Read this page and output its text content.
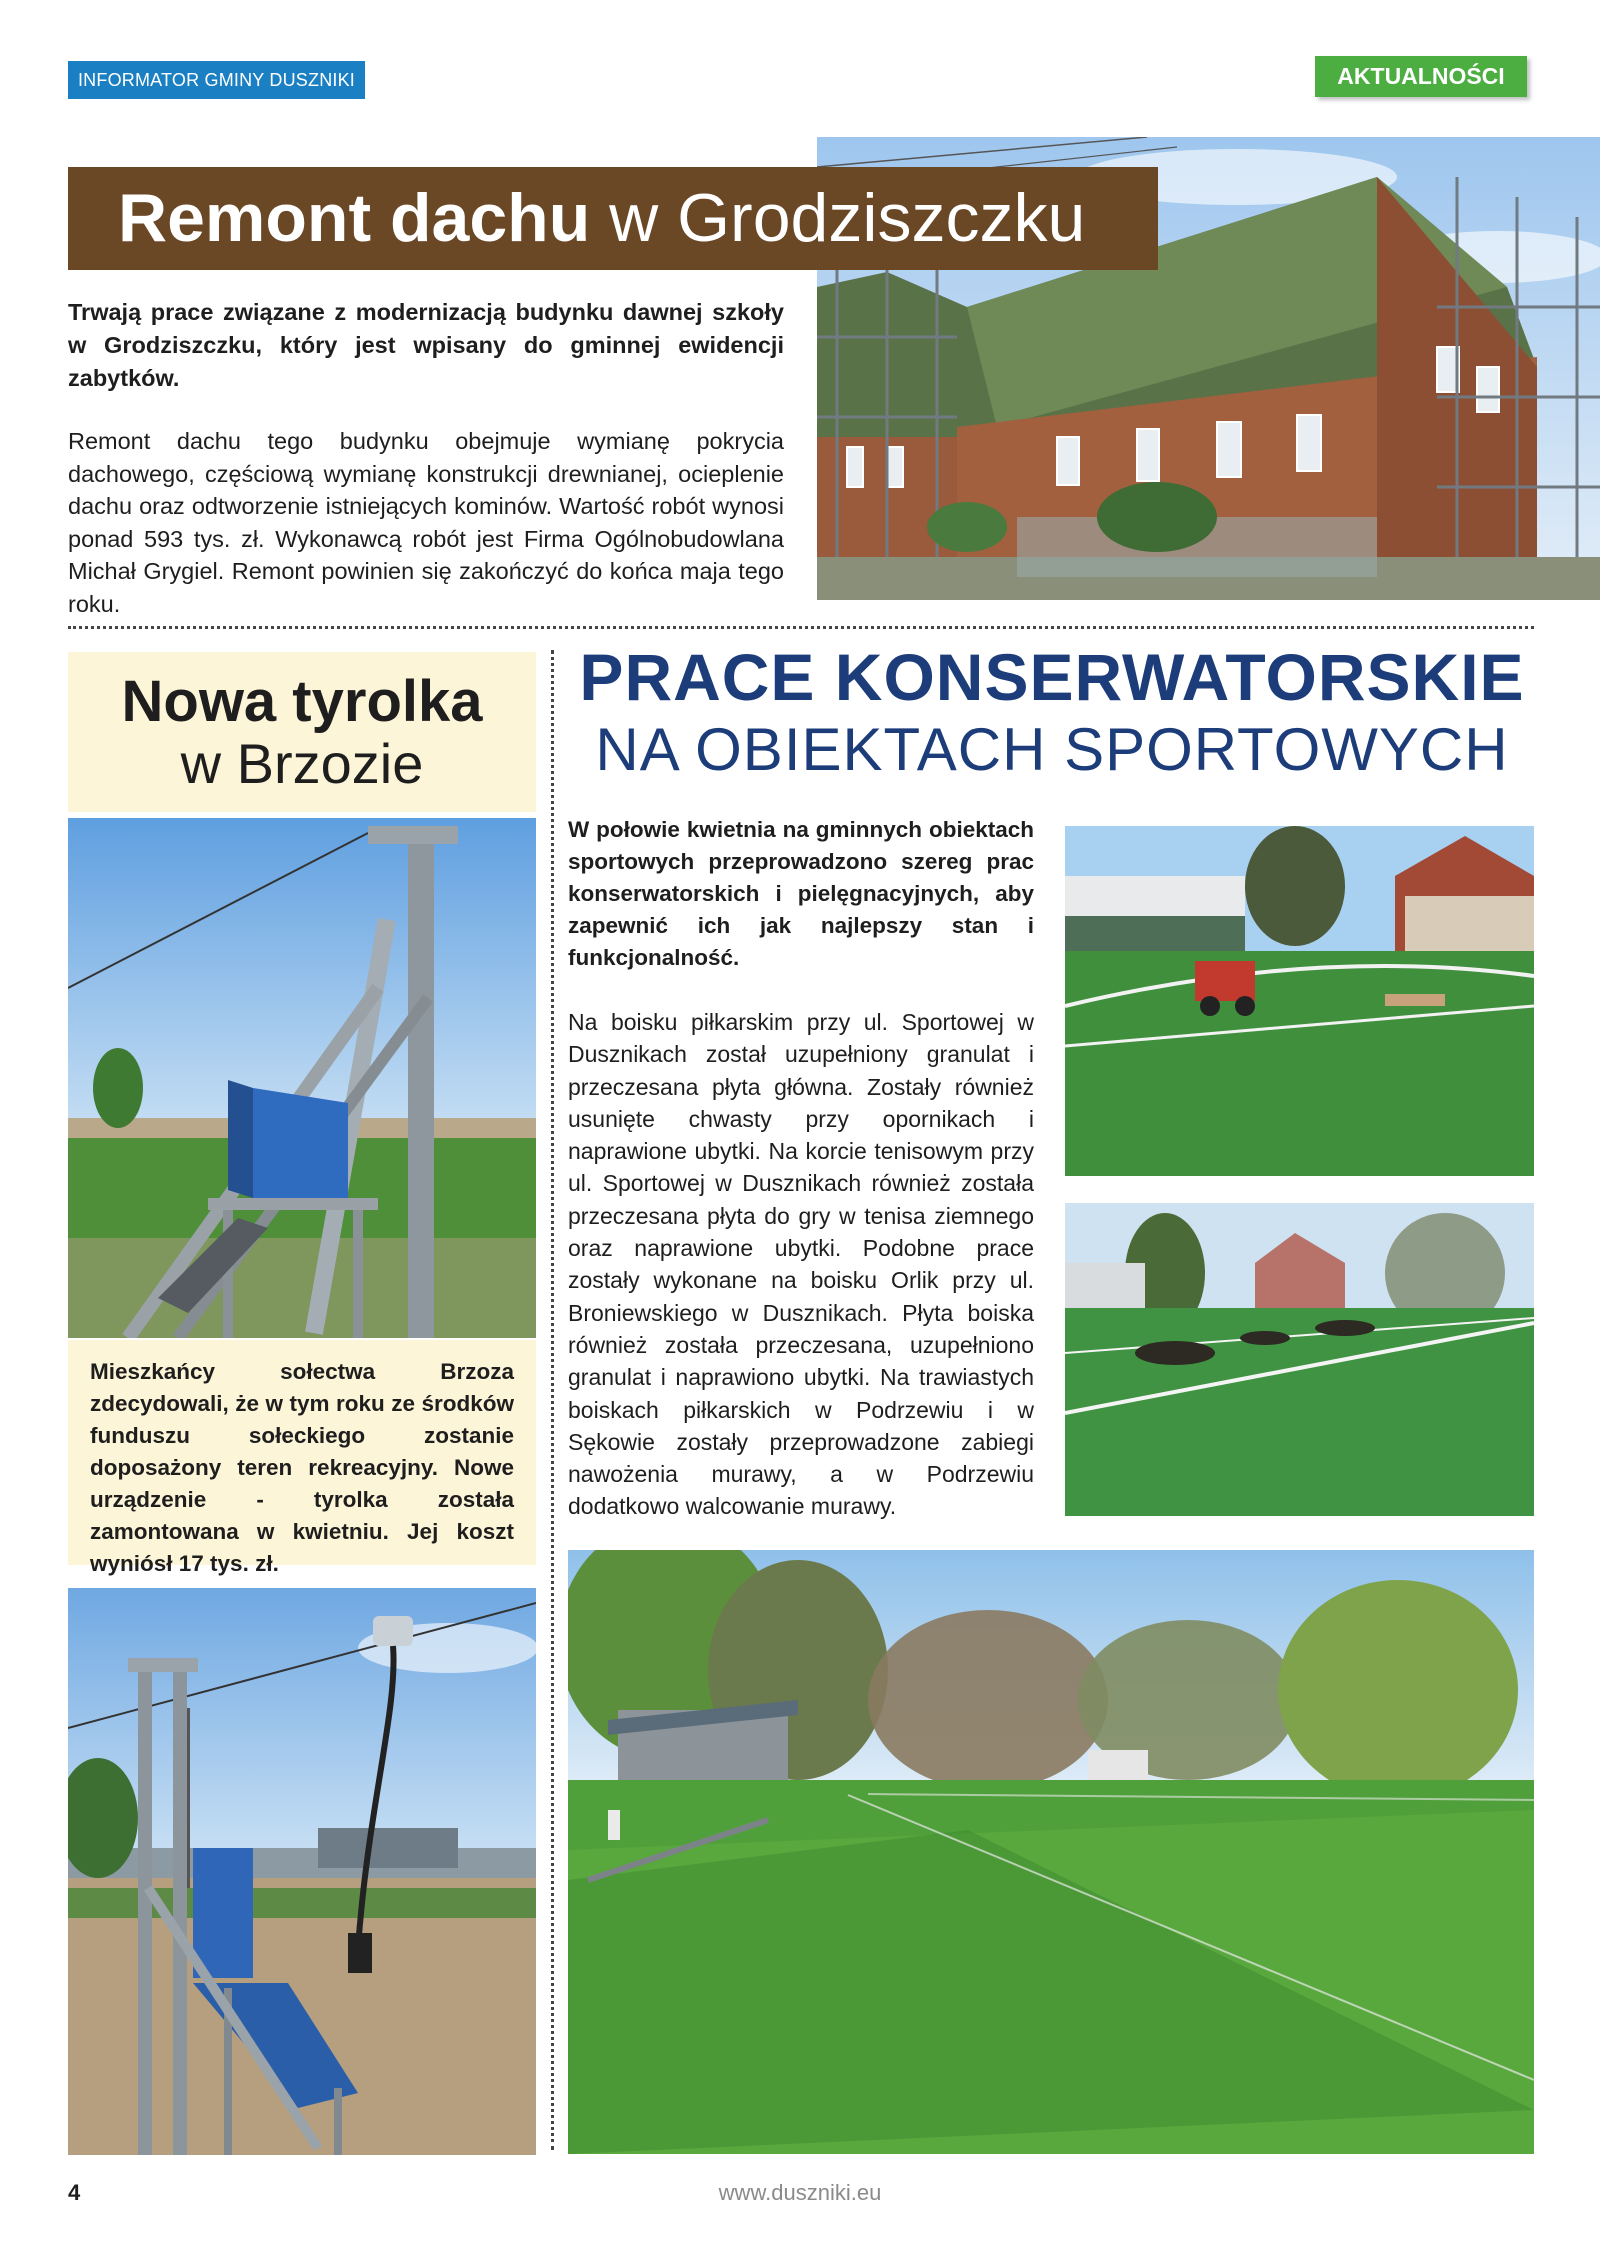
INFORMATOR GMINY DUSZNIKI	AKTUALNOŚCI
Remont dachu w Grodziszczku
Trwają prace związane z modernizacją budynku dawnej szkoły w Grodziszczku, który jest wpisany do gminnej ewidencji zabytków.
Remont dachu tego budynku obejmuje wymianę pokrycia dachowego, częściową wymianę konstrukcji drewnianej, ocieplenie dachu oraz odtworzenie istniejących kominów. Wartość robót wynosi ponad 593 tys. zł. Wykonawcą robót jest Firma Ogólnobudowlana Michał Grygiel. Remont powinien się zakończyć do końca maja tego roku.
Nowa tyrolka
w Brzozie
Mieszkańcy sołectwa Brzoza zdecydowali, że w tym roku ze środków funduszu sołeckiego zostanie doposażony teren rekreacyjny. Nowe urządzenie - tyrolka została zamontowana w kwietniu. Jej koszt wyniósł 17 tys. zł.
PRACE KONSERWATORSKIE
NA OBIEKTACH SPORTOWYCH
W połowie kwietnia na gminnych obiektach sportowych przeprowadzono szereg prac konserwatorskich i pielęgnacyjnych, aby zapewnić ich jak najlepszy stan i funkcjonalność.
Na boisku piłkarskim przy ul. Sportowej w Dusznikach został uzupełniony granulat i przeczesana płyta główna. Zostały również usunięte chwasty przy opornikach i naprawione ubytki. Na korcie tenisowym przy ul. Sportowej w Dusznikach również została przeczesana płyta do gry w tenisa ziemnego oraz naprawione ubytki. Podobne prace zostały wykonane na boisku Orlik przy ul. Broniewskiego w Dusznikach. Płyta boiska również została przeczesana, uzupełniono granulat i naprawiono ubytki. Na trawiastych boiskach piłkarskich w Podrzewiu i w Sękowie zostały przeprowadzone zabiegi nawożenia murawy, a w Podrzewiu dodatkowo walcowanie murawy.
4	www.duszniki.eu
